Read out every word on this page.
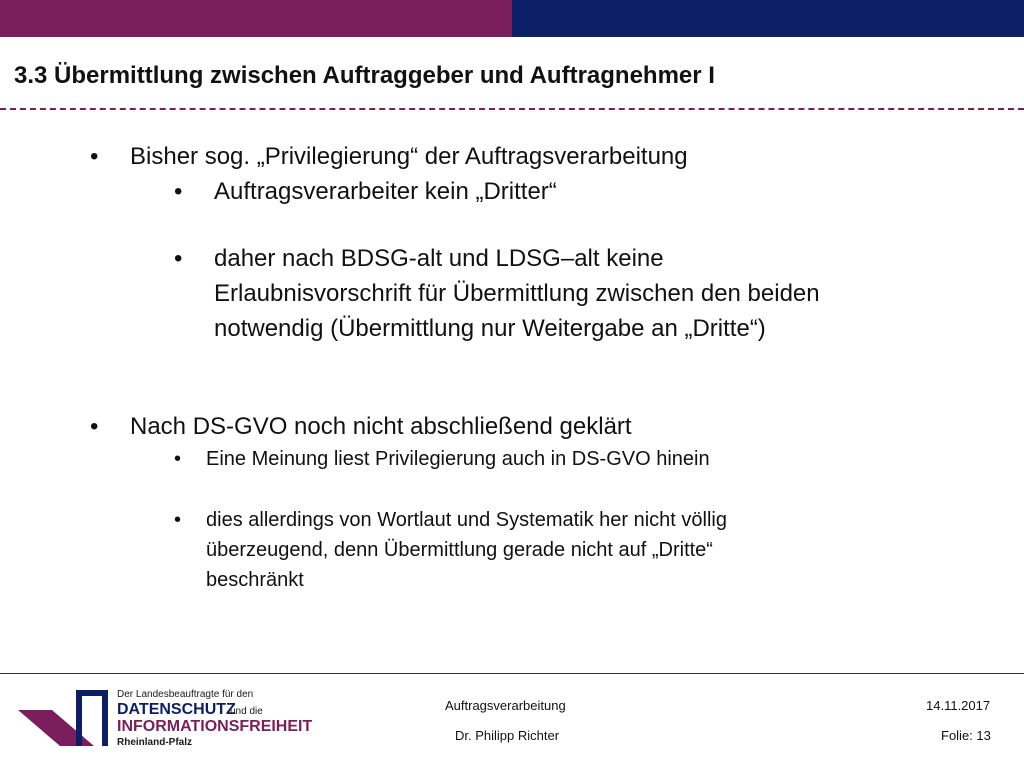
3.3 Übermittlung zwischen Auftraggeber und Auftragnehmer I
• Bisher sog. „Privilegierung“ der Auftragsverarbeitung
• Auftragsverarbeiter kein „Dritter“
• daher nach BDSG-alt und LDSG–alt keine
Erlaubnisvorschrift für Übermittlung zwischen den beiden
notwendig (Übermittlung nur Weitergabe an „Dritte“)
• Nach DS-GVO noch nicht abschließend geklärt
• Eine Meinung liest Privilegierung auch in DS-GVO hinein
• dies allerdings von Wortlaut und Systematik her nicht völlig
überzeugend, denn Übermittlung gerade nicht auf „Dritte“
beschränkt
Der Landesbeauftragte für den
DATENSCHUTZ
und die
INFORMATIONSFREIHEIT
Rheinland-Pfalz
Auftragsverarbeitung
Dr. Philipp Richter
14.11.2017
Folie: 13
